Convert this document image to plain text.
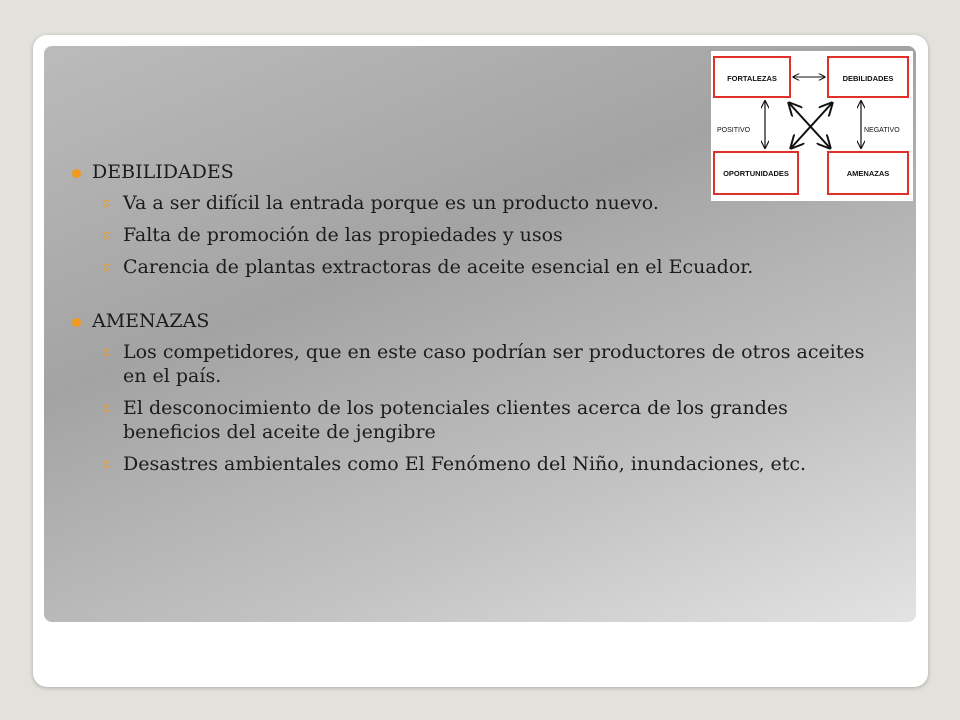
FORTALEZAS	DEBILIDADES
OPORTUNIDADES	AMENAZAS
POSITIVO	NEGATIVO
DEBILIDADES
Va a ser difícil la entrada porque es un producto nuevo.
Falta de promoción de las propiedades y usos
Carencia de plantas extractoras de aceite esencial en el Ecuador.
AMENAZAS
Los competidores, que en este caso podrían ser productores de otros aceites en el país.
El desconocimiento de los potenciales clientes acerca de los grandes beneficios del aceite de jengibre
Desastres ambientales como El Fenómeno del Niño, inundaciones, etc.
